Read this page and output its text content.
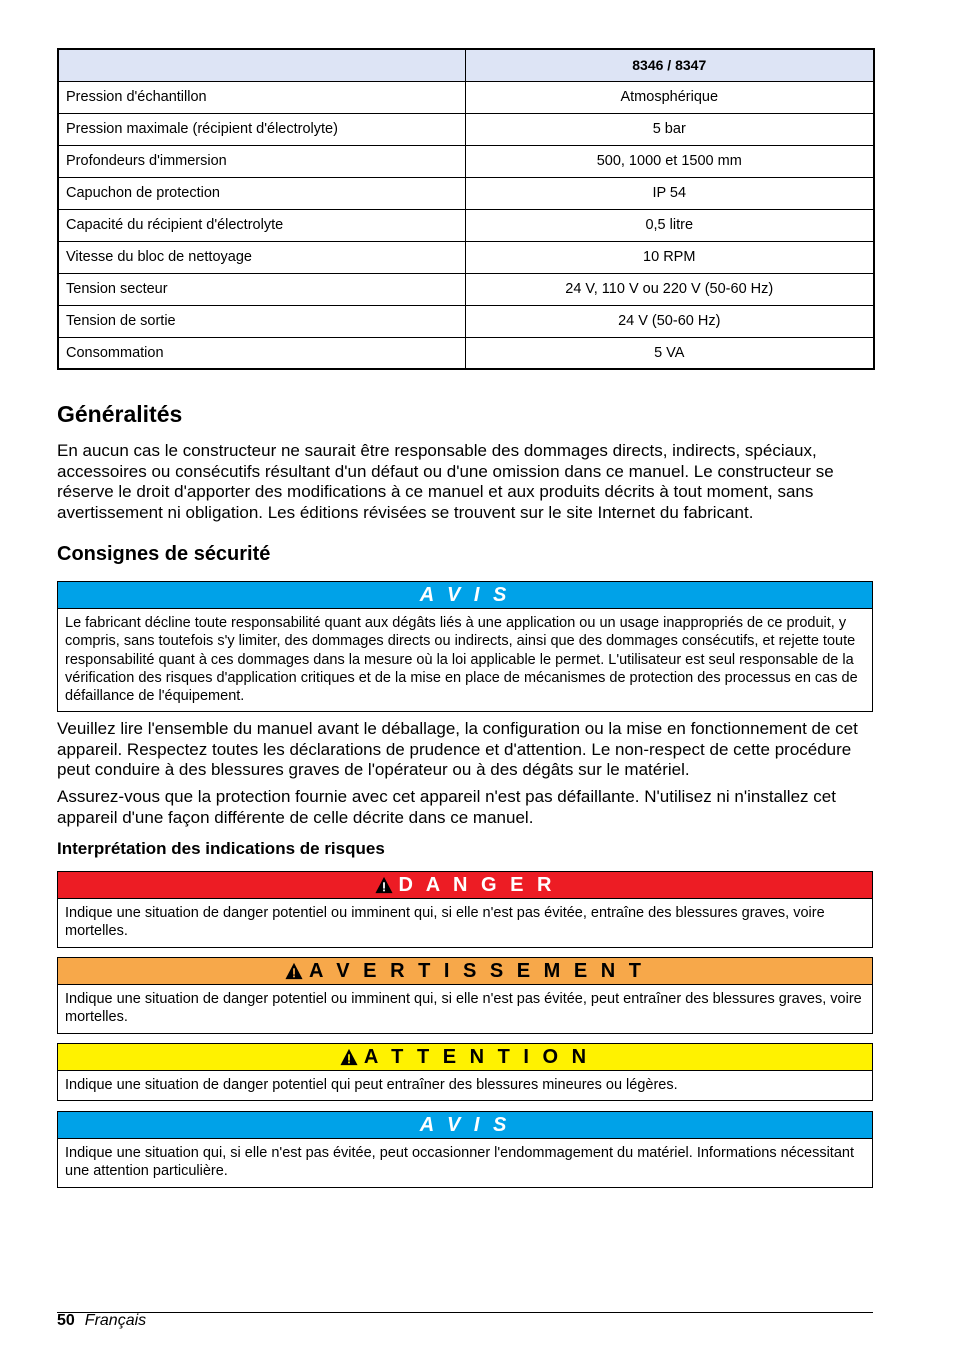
	8346 / 8347
Pression d'échantillon	Atmosphérique
Pression maximale (récipient d'électrolyte)	5 bar
Profondeurs d'immersion	500, 1000 et 1500 mm
Capuchon de protection	IP 54
Capacité du récipient d'électrolyte	0,5 litre
Vitesse du bloc de nettoyage	10 RPM
Tension secteur	24 V, 110 V ou 220 V (50-60 Hz)
Tension de sortie	24 V (50-60 Hz)
Consommation	5 VA
Généralités

En aucun cas le constructeur ne saurait être responsable des dommages directs, indirects, spéciaux, accessoires ou consécutifs résultant d'un défaut ou d'une omission dans ce manuel. Le constructeur se réserve le droit d'apporter des modifications à ce manuel et aux produits décrits à tout moment, sans avertissement ni obligation. Les éditions révisées se trouvent sur le site Internet du fabricant.

Consignes de sécurité
A V I S
Le fabricant décline toute responsabilité quant aux dégâts liés à une application ou un usage inappropriés de ce produit, y compris, sans toutefois s'y limiter, des dommages directs ou indirects, ainsi que des dommages consécutifs, et rejette toute responsabilité quant à ces dommages dans la mesure où la loi applicable le permet. L'utilisateur est seul responsable de la vérification des risques d'application critiques et de la mise en place de mécanismes de protection des processus en cas de défaillance de l'équipement.

Veuillez lire l'ensemble du manuel avant le déballage, la configuration ou la mise en fonctionnement de cet appareil. Respectez toutes les déclarations de prudence et d'attention. Le non-respect de cette procédure peut conduire à des blessures graves de l'opérateur ou à des dégâts sur le matériel.

Assurez-vous que la protection fournie avec cet appareil n'est pas défaillante. N'utilisez ni n'installez cet appareil d'une façon différente de celle décrite dans ce manuel.

Interprétation des indications de risques
D A N G E R
Indique une situation de danger potentiel ou imminent qui, si elle n'est pas évitée, entraîne des blessures graves, voire mortelles.
A V E R T I S S E M E N T
Indique une situation de danger potentiel ou imminent qui, si elle n'est pas évitée, peut entraîner des blessures graves, voire mortelles.
A T T E N T I O N
Indique une situation de danger potentiel qui peut entraîner des blessures mineures ou légères.
A V I S
Indique une situation qui, si elle n'est pas évitée, peut occasionner l'endommagement du matériel. Informations nécessitant une attention particulière.
50 Français
